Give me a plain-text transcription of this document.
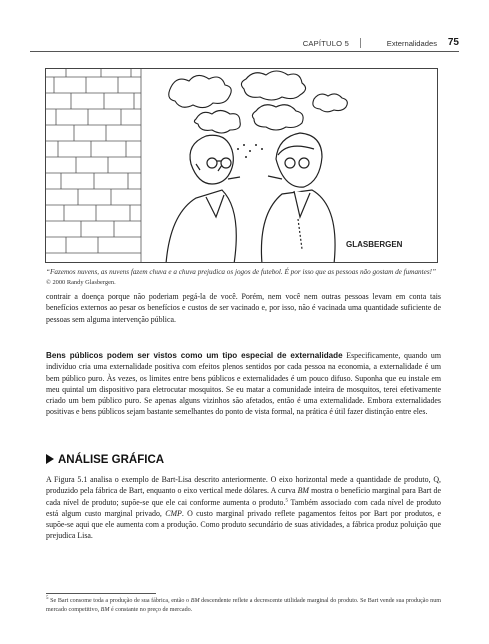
CAPÍTULO 5	Externalidades 75
GLASBERGEN
“Fazemos nuvens, as nuvens fazem chuva e a chuva prejudica os jogos de futebol. É por isso que as pessoas não gostam de fumantes!” © 2000 Randy Glasbergen.

contrair a doença porque não poderiam pegá-la de você. Porém, nem você nem outras pessoas levam em conta tais benefícios externos ao pesar os benefícios e custos de ser vacinado e, por isso, não é vacinada uma quantidade suficiente de pessoas sem alguma intervenção pública.

Bens públicos podem ser vistos como um tipo especial de externalidade Especificamente, quando um indivíduo cria uma externalidade positiva com efeitos plenos sentidos por cada pessoa na economia, a externalidade é um bem público puro. Às vezes, os limites entre bens públicos e externalidades é um pouco difuso. Suponha que eu instale em meu quintal um dispositivo para eletrocutar mosquitos. Se eu matar a comunidade inteira de mosquitos, terei efetivamente criado um bem público puro. Se apenas alguns vizinhos são afetados, então é uma externalidade. Embora externalidades positivas e bens públicos sejam bastante semelhantes do ponto de vista formal, na prática é útil fazer distinção entre eles.

ANÁLISE GRÁFICA

A Figura 5.1 analisa o exemplo de Bart-Lisa descrito anteriormente. O eixo horizontal mede a quantidade de produto, Q, produzido pela fábrica de Bart, enquanto o eixo vertical mede dólares. A curva BM mostra o benefício marginal para Bart de cada nível de produto; supõe-se que ele cai conforme aumenta o produto.$^5$ Também associado com cada nível de produto está algum custo marginal privado, CMP. O custo marginal privado reflete pagamentos feitos por Bart por produtos, e supõe-se aqui que ele aumenta com a produção. Como produto secundário de suas atividades, a fábrica produz poluição que prejudica Lisa.

$^5$ Se Bart consome toda a produção de sua fábrica, então o BM descendente reflete a decrescente utilidade marginal do produto. Se Bart vende sua produção num mercado competitivo, BM é constante no preço de mercado.
